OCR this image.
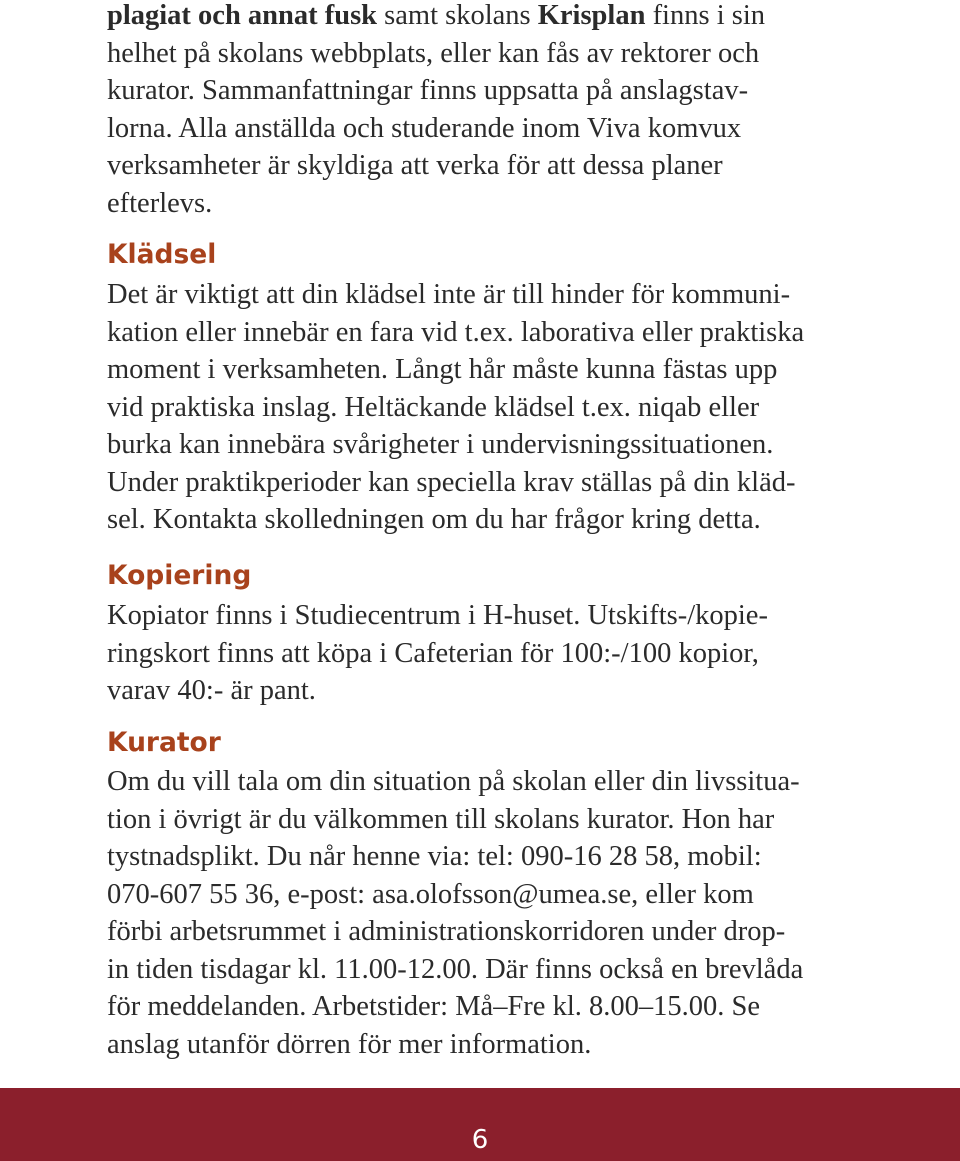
plagiat och annat fusk samt skolans Krisplan finns i sin

helhet på skolans webbplats, eller kan fås av rektorer och

kurator. Sammanfattningar finns uppsatta på anslagstav-

lorna. Alla anställda och studerande inom Viva komvux

verksamheter är skyldiga att verka för att dessa planer

efterlevs.

Klädsel

Det är viktigt att din klädsel inte är till hinder för kommuni-

kation eller innebär en fara vid t.ex. laborativa eller praktiska

moment i verksamheten. Långt hår måste kunna fästas upp

vid praktiska inslag. Heltäckande klädsel t.ex. niqab eller

burka kan innebära svårigheter i undervisningssituationen.

Under praktikperioder kan speciella krav ställas på din kläd-

sel. Kontakta skolledningen om du har frågor kring detta.

Kopiering

Kopiator finns i Studiecentrum i H-huset. Utskifts-/kopie-

ringskort finns att köpa i Cafeterian för 100:-/100 kopior,

varav 40:- är pant.

Kurator

Om du vill tala om din situation på skolan eller din livssitua-

tion i övrigt är du välkommen till skolans kurator. Hon har

tystnadsplikt. Du når henne via: tel: 090-16 28 58, mobil:

070-607 55 36, e-post: asa.olofsson@umea.se, eller kom

förbi arbetsrummet i administrationskorridoren under drop-

in tiden tisdagar kl. 11.00-12.00. Där finns också en brevlåda

för meddelanden. Arbetstider: Må–Fre kl. 8.00–15.00. Se

anslag utanför dörren för mer information.

6
